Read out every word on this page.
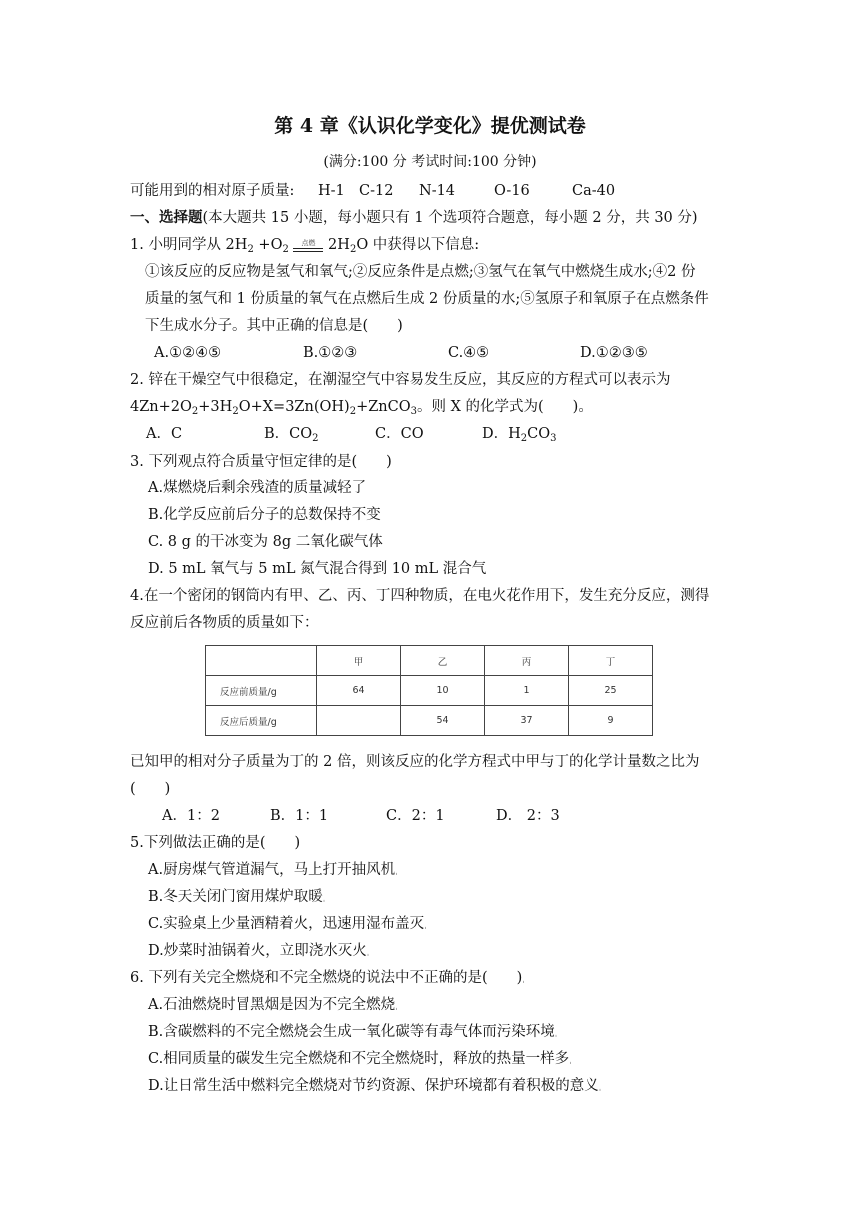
第 4 章《认识化学变化》提优测试卷
(满分:100 分 考试时间:100 分钟)
可能用到的相对原子质量: H-1 C-12 N-14	O-16	Ca-40
一、选择题(本大题共 15 小题，每小题只有 1 个选项符合题意，每小题 2 分，共 30 分)
1. 小明同学从 $2H_2 +O_2$
点燃 $2H_2O$ 中获得以下信息:
①该反应的反应物是氢气和氧气;②反应条件是点燃;③氢气在氧气中燃烧生成水;④2 份
质量的氢气和 1 份质量的氧气在点燃后生成 2 份质量的水;⑤氢原子和氧原子在点燃条件
下生成水分子。其中正确的信息是(　　)
A.①②④⑤	B.①②③	C.④⑤	D.①②③⑤
2. 锌在干燥空气中很稳定，在潮湿空气中容易发生反应，其反应的方程式可以表示为
$4Zn+2O_2+3H_2O+X=3Zn(OH)_2+ZnCO_3$。则 X 的化学式为(　　)。
A．C	B．$CO_2$	C．CO	D．$H_2CO_3$
3. 下列观点符合质量守恒定律的是(　　)
A.煤燃烧后剩余残渣的质量减轻了
B.化学反应前后分子的总数保持不变
C. 8 g 的干冰变为 8g 二氧化碳气体
D. 5 mL 氧气与 5 mL 氮气混合得到 10 mL 混合气
4.在一个密闭的钢筒内有甲、乙、丙、丁四种物质，在电火花作用下，发生充分反应，测得
反应前后各物质的质量如下：
	甲	乙	丙	丁
反应前质量/g	64	10	1	25
反应后质量/g		54	37	9
已知甲的相对分子质量为丁的 2 倍，则该反应的化学方程式中甲与丁的化学计量数之比为
(　　)
A．1：2	B．1：1	C．2：1	D． 2：3
5.下列做法正确的是(　　)
A.厨房煤气管道漏气，马上打开抽风机ˌ
B.冬天关闭门窗用煤炉取暖ˌ
C.实验桌上少量酒精着火，迅速用湿布盖灭ˌ
D.炒菜时油锅着火，立即浇水灭火ˌ
6. 下列有关完全燃烧和不完全燃烧的说法中不正确的是(　　)ˌ
A.石油燃烧时冒黑烟是因为不完全燃烧ˌ
B.含碳燃料的不完全燃烧会生成一氧化碳等有毒气体而污染环境ˌ
C.相同质量的碳发生完全燃烧和不完全燃烧时，释放的热量一样多ˌ
D.让日常生活中燃料完全燃烧对节约资源、保护环境都有着积极的意义ˌ
